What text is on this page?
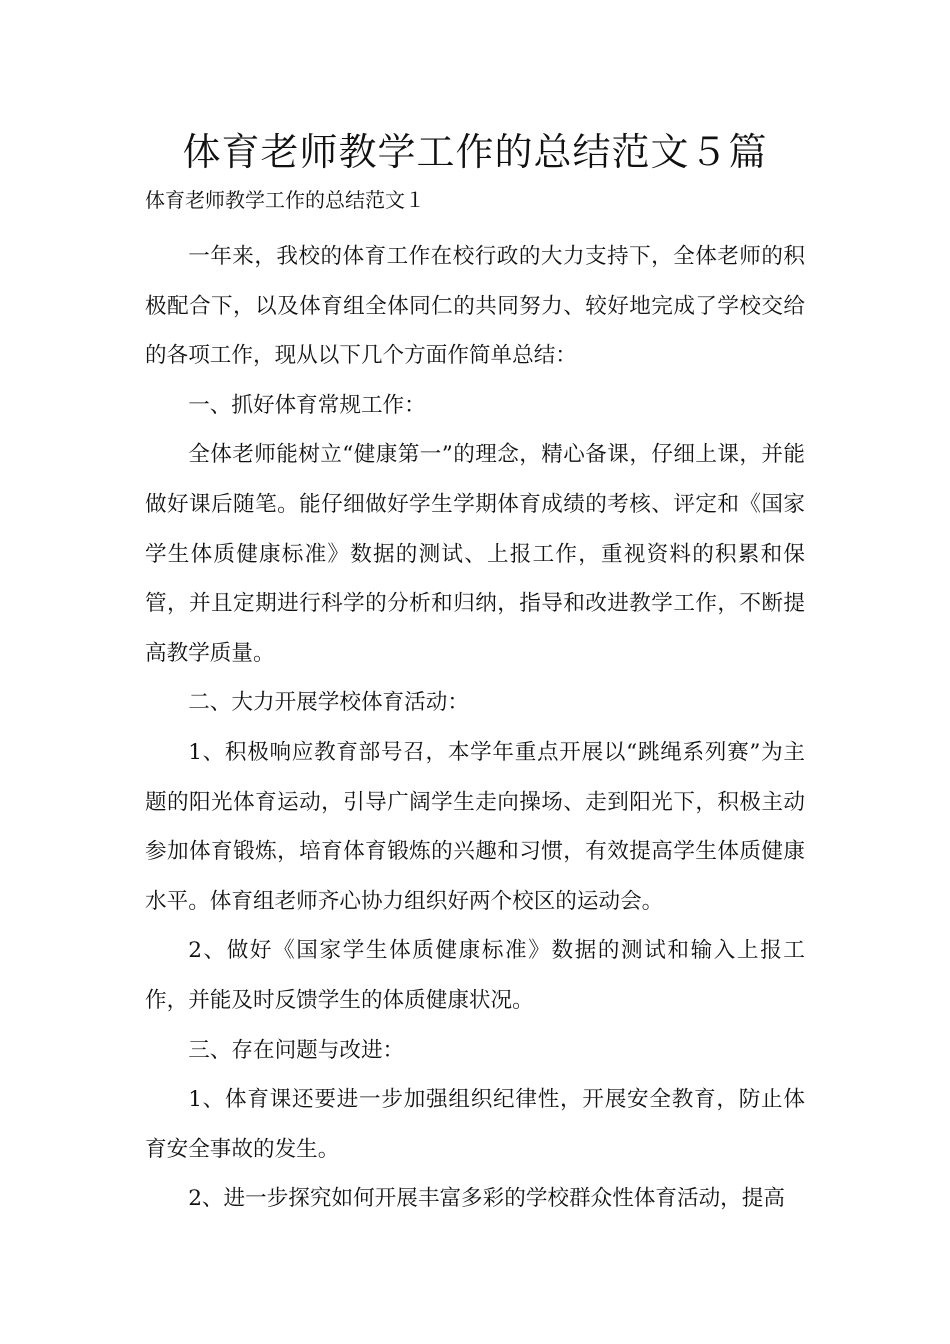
体育老师教学工作的总结范文５篇

体育老师教学工作的总结范文１

一年来，我校的体育工作在校行政的大力支持下，全体老师的积极配合下，以及体育组全体同仁的共同努力、较好地完成了学校交给的各项工作，现从以下几个方面作简单总结：

一、抓好体育常规工作：

全体老师能树立“健康第一”的理念，精心备课，仔细上课，并能做好课后随笔。能仔细做好学生学期体育成绩的考核、评定和《国家学生体质健康标准》数据的测试、上报工作，重视资料的积累和保管，并且定期进行科学的分析和归纳，指导和改进教学工作，不断提高教学质量。

二、大力开展学校体育活动：

1、积极响应教育部号召，本学年重点开展以“跳绳系列赛”为主题的阳光体育运动，引导广阔学生走向操场、走到阳光下，积极主动参加体育锻炼，培育体育锻炼的兴趣和习惯，有效提高学生体质健康水平。体育组老师齐心协力组织好两个校区的运动会。

2、做好《国家学生体质健康标准》数据的测试和输入上报工作，并能及时反馈学生的体质健康状况。

三、存在问题与改进：

1、体育课还要进一步加强组织纪律性，开展安全教育，防止体育安全事故的发生。

2、进一步探究如何开展丰富多彩的学校群众性体育活动，提高
